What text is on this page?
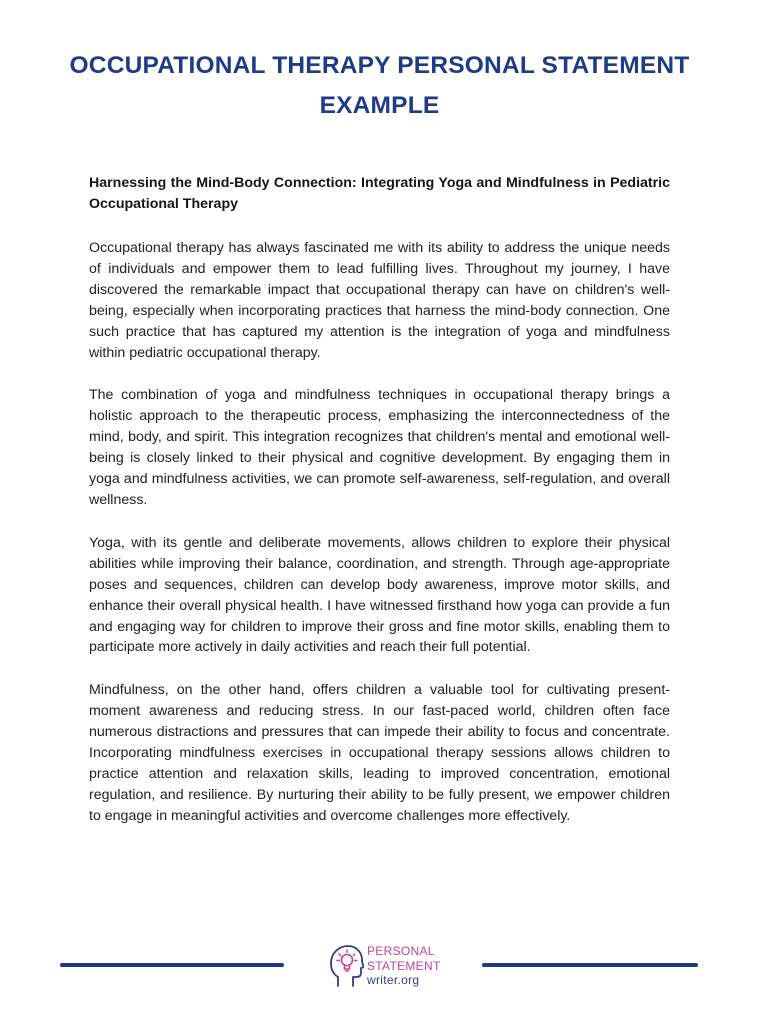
OCCUPATIONAL THERAPY PERSONAL STATEMENT EXAMPLE

Harnessing the Mind-Body Connection: Integrating Yoga and Mindfulness in Pediatric Occupational Therapy

Occupational therapy has always fascinated me with its ability to address the unique needs of individuals and empower them to lead fulfilling lives. Throughout my journey, I have discovered the remarkable impact that occupational therapy can have on children's well-being, especially when incorporating practices that harness the mind-body connection. One such practice that has captured my attention is the integration of yoga and mindfulness within pediatric occupational therapy.

The combination of yoga and mindfulness techniques in occupational therapy brings a holistic approach to the therapeutic process, emphasizing the interconnectedness of the mind, body, and spirit. This integration recognizes that children's mental and emotional well-being is closely linked to their physical and cognitive development. By engaging them in yoga and mindfulness activities, we can promote self-awareness, self-regulation, and overall wellness.

Yoga, with its gentle and deliberate movements, allows children to explore their physical abilities while improving their balance, coordination, and strength. Through age-appropriate poses and sequences, children can develop body awareness, improve motor skills, and enhance their overall physical health. I have witnessed firsthand how yoga can provide a fun and engaging way for children to improve their gross and fine motor skills, enabling them to participate more actively in daily activities and reach their full potential.

Mindfulness, on the other hand, offers children a valuable tool for cultivating present-moment awareness and reducing stress. In our fast-paced world, children often face numerous distractions and pressures that can impede their ability to focus and concentrate. Incorporating mindfulness exercises in occupational therapy sessions allows children to practice attention and relaxation skills, leading to improved concentration, emotional regulation, and resilience. By nurturing their ability to be fully present, we empower children to engage in meaningful activities and overcome challenges more effectively.

PERSONAL
STATEMENT
writer.org
